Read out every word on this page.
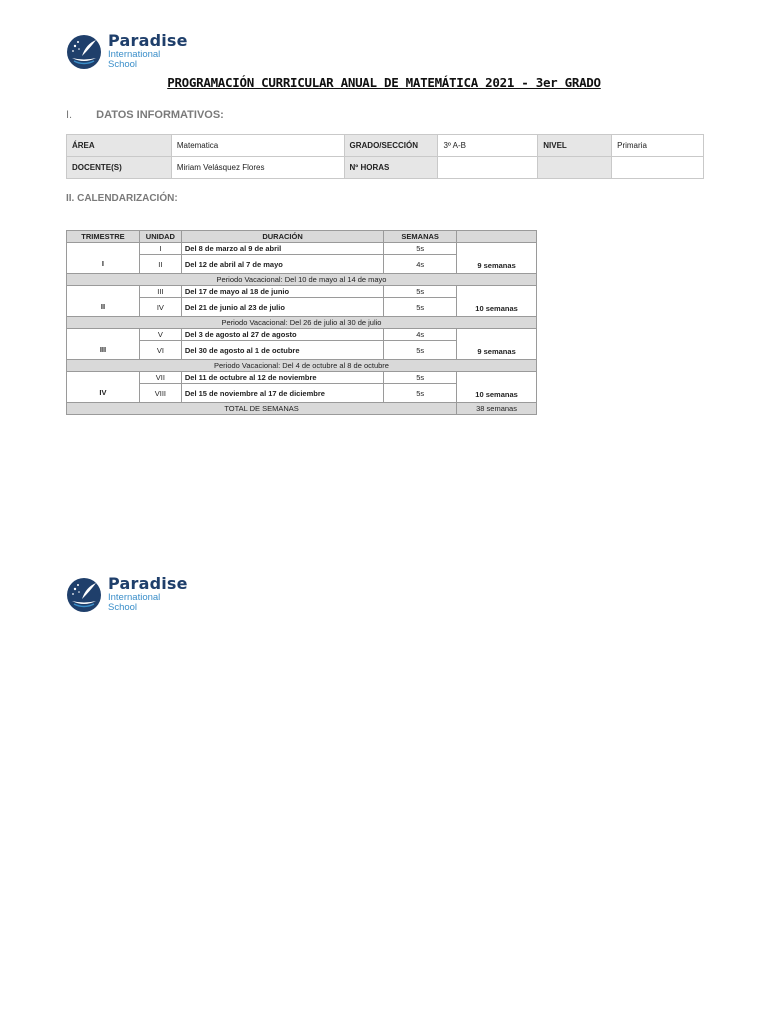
Paradise
International
School
PROGRAMACIÓN CURRICULAR ANUAL DE MATEMÁTICA 2021 - 3er GRADO
I. DATOS INFORMATIVOS:
ÁREA	Matematica	GRADO/SECCIÓN	3º A-B	NIVEL	Primaria
DOCENTE(S)	Miriam Velásquez Flores	Nº HORAS			
II. CALENDARIZACIÓN:
TRIMESTRE	UNIDAD	DURACIÓN	SEMANAS	
I	I	Del 8 de marzo al 9 de abril	5s	9 semanas
	II	Del 12 de abril al 7 de mayo	4s	
Periodo Vacacional: Del 10 de mayo al 14 de mayo				
II	III	Del 17 de mayo al 18 de junio	5s	10 semanas
	IV	Del 21 de junio al 23 de julio	5s	
Periodo Vacacional: Del 26 de julio al 30 de julio				
III	V	Del 3 de agosto al 27 de agosto	4s	9 semanas
	VI	Del 30 de agosto al 1 de octubre	5s	
Periodo Vacacional: Del 4 de octubre al 8 de octubre				
IV	VII	Del 11 de octubre al 12 de noviembre	5s	10 semanas
	VIII	Del 15 de noviembre al 17 de diciembre	5s	
TOTAL DE SEMANAS				38 semanas
Paradise
International
School
